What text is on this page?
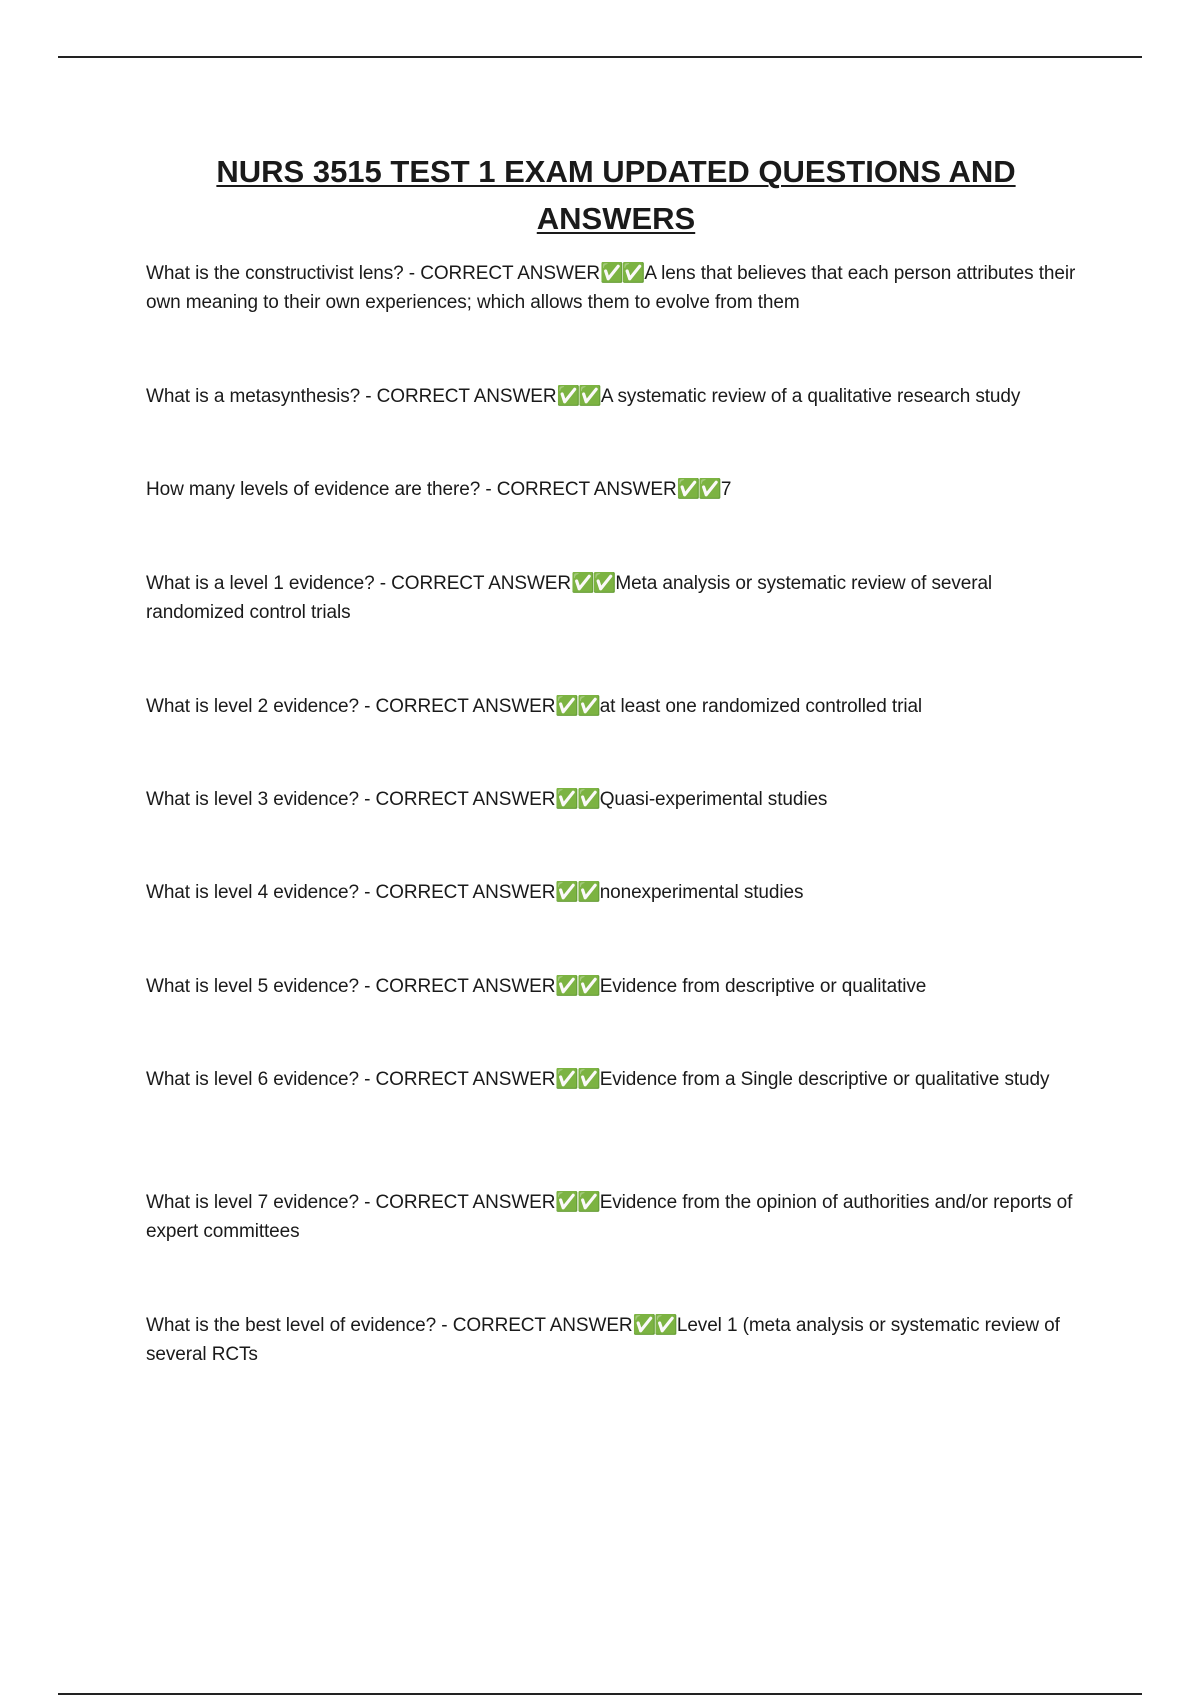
NURS 3515 TEST 1 EXAM UPDATED QUESTIONS AND
ANSWERS

What is the constructivist lens? - CORRECT ANSWER✅✅A lens that believes that each person attributes their own meaning to their own experiences; which allows them to evolve from them

What is a metasynthesis? - CORRECT ANSWER✅✅A systematic review of a qualitative research study

How many levels of evidence are there? - CORRECT ANSWER✅✅7

What is a level 1 evidence? - CORRECT ANSWER✅✅Meta analysis or systematic review of several randomized control trials

What is level 2 evidence? - CORRECT ANSWER✅✅at least one randomized controlled trial

What is level 3 evidence? - CORRECT ANSWER✅✅Quasi-experimental studies

What is level 4 evidence? - CORRECT ANSWER✅✅nonexperimental studies

What is level 5 evidence? - CORRECT ANSWER✅✅Evidence from descriptive or qualitative

What is level 6 evidence? - CORRECT ANSWER✅✅Evidence from a Single descriptive or qualitative study

What is level 7 evidence? - CORRECT ANSWER✅✅Evidence from the opinion of authorities and/or reports of expert committees

What is the best level of evidence? - CORRECT ANSWER✅✅Level 1 (meta analysis or systematic review of several RCTs
